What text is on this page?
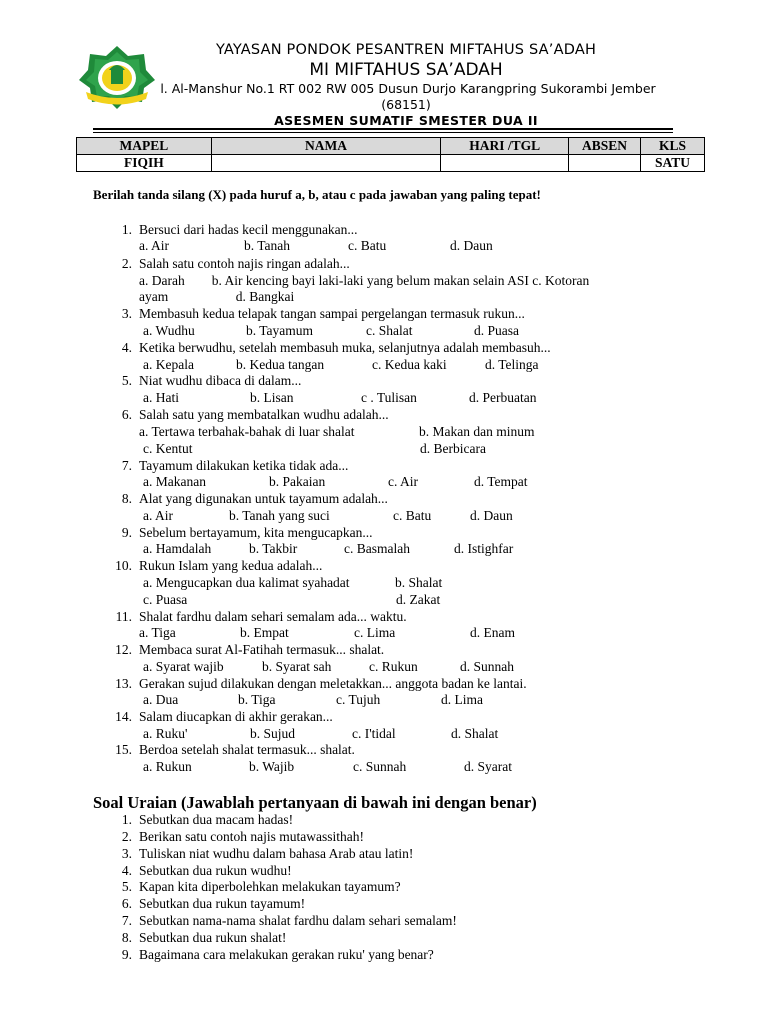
YAYASAN PONDOK PESANTREN MIFTAHUS SA’ADAH
MI MIFTAHUS SA’ADAH
l. Al-Manshur No.1 RT 002 RW 005 Dusun Durjo Karangpring Sukorambi Jember
(68151)
ASESMEN SUMATIF SMESTER DUA II
MAPEL	NAMA	HARI /TGL	ABSEN	KLS
FIQIH				SATU
Berilah tanda silang (X) pada huruf a, b, atau c pada jawaban yang paling tepat!
1. Bersuci dari hadas kecil menggunakan...
a. Air	b. Tanah	c. Batu	d. Daun
2. Salah satu contoh najis ringan adalah...
a. Darah        b. Air kencing bayi laki-laki yang belum makan selain ASI c. Kotoran
ayam                    d. Bangkai
3. Membasuh kedua telapak tangan sampai pergelangan termasuk rukun...
a. Wudhu	b. Tayamum	c. Shalat	d. Puasa
4. Ketika berwudhu, setelah membasuh muka, selanjutnya adalah membasuh...
a. Kepala	b. Kedua tangan	c. Kedua kaki	d. Telinga
5. Niat wudhu dibaca di dalam...
a. Hati	b. Lisan	c . Tulisan	d. Perbuatan
6. Salah satu yang membatalkan wudhu adalah...
a. Tertawa terbahak-bahak di luar shalat	b. Makan dan minum
c. Kentut	d. Berbicara
7. Tayamum dilakukan ketika tidak ada...
a. Makanan	b. Pakaian	c. Air	d. Tempat
8. Alat yang digunakan untuk tayamum adalah...
a. Air	b. Tanah yang suci	c. Batu	d. Daun
9. Sebelum bertayamum, kita mengucapkan...
a. Hamdalah	b. Takbir	c. Basmalah	d. Istighfar
10. Rukun Islam yang kedua adalah...
a. Mengucapkan dua kalimat syahadat	b. Shalat
c. Puasa	d. Zakat
11. Shalat fardhu dalam sehari semalam ada... waktu.
a. Tiga	b. Empat	c. Lima	d. Enam
12. Membaca surat Al-Fatihah termasuk... shalat.
a. Syarat wajib	b. Syarat sah	c. Rukun	d. Sunnah
13. Gerakan sujud dilakukan dengan meletakkan... anggota badan ke lantai.
a. Dua	b. Tiga	c. Tujuh	d. Lima
14. Salam diucapkan di akhir gerakan...
a. Ruku'	b. Sujud	c. I'tidal	d. Shalat
15. Berdoa setelah shalat termasuk... shalat.
a. Rukun	b. Wajib	c. Sunnah	d. Syarat
Soal Uraian (Jawablah pertanyaan di bawah ini dengan benar)
1. Sebutkan dua macam hadas!
2. Berikan satu contoh najis mutawassithah!
3. Tuliskan niat wudhu dalam bahasa Arab atau latin!
4. Sebutkan dua rukun wudhu!
5. Kapan kita diperbolehkan melakukan tayamum?
6. Sebutkan dua rukun tayamum!
7. Sebutkan nama-nama shalat fardhu dalam sehari semalam!
8. Sebutkan dua rukun shalat!
9. Bagaimana cara melakukan gerakan ruku' yang benar?
